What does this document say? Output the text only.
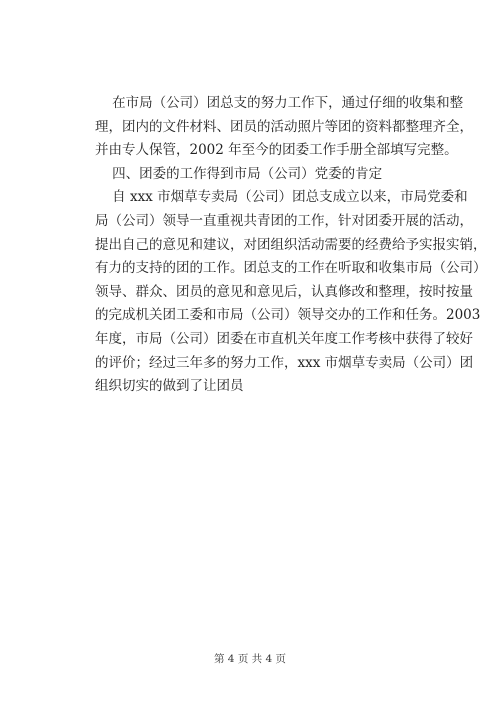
在市局（公司）团总支的努力工作下，通过仔细的收集和整
理，团内的文件材料、团员的活动照片等团的资料都整理齐全，
并由专人保管，2002 年至今的团委工作手册全部填写完整。
四、团委的工作得到市局（公司）党委的肯定
自 xxx 市烟草专卖局（公司）团总支成立以来，市局党委和
局（公司）领导一直重视共青团的工作，针对团委开展的活动，
提出自己的意见和建议，对团组织活动需要的经费给予实报实销，
有力的支持的团的工作。团总支的工作在听取和收集市局（公司）
领导、群众、团员的意见和意见后，认真修改和整理，按时按量
的完成机关团工委和市局（公司）领导交办的工作和任务。2003
年度，市局（公司）团委在市直机关年度工作考核中获得了较好
的评价；经过三年多的努力工作，xxx 市烟草专卖局（公司）团
组织切实的做到了让团员
第 4 页 共 4 页
